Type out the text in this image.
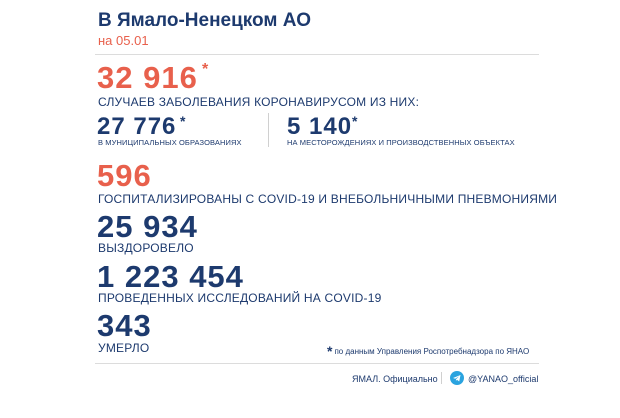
В Ямало-Ненецком АО
на 05.01
32 916 *
СЛУЧАЕВ ЗАБОЛЕВАНИЯ КОРОНАВИРУСОМ ИЗ НИХ:
27 776 *
В МУНИЦИПАЛЬНЫХ ОБРАЗОВАНИЯХ
5 140 *
НА МЕСТОРОЖДЕНИЯХ И ПРОИЗВОДСТВЕННЫХ ОБЪЕКТАХ
596
ГОСПИТАЛИЗИРОВАНЫ С COVID-19 И ВНЕБОЛЬНИЧНЫМИ ПНЕВМОНИЯМИ
25 934
ВЫЗДОРОВЕЛО
1 223 454
ПРОВЕДЕННЫХ ИССЛЕДОВАНИЙ НА COVID-19
343
УМЕРЛО	* по данным Управления Роспотребнадзора по ЯНАО
ЯМАЛ. Официально	@YANAO_official
